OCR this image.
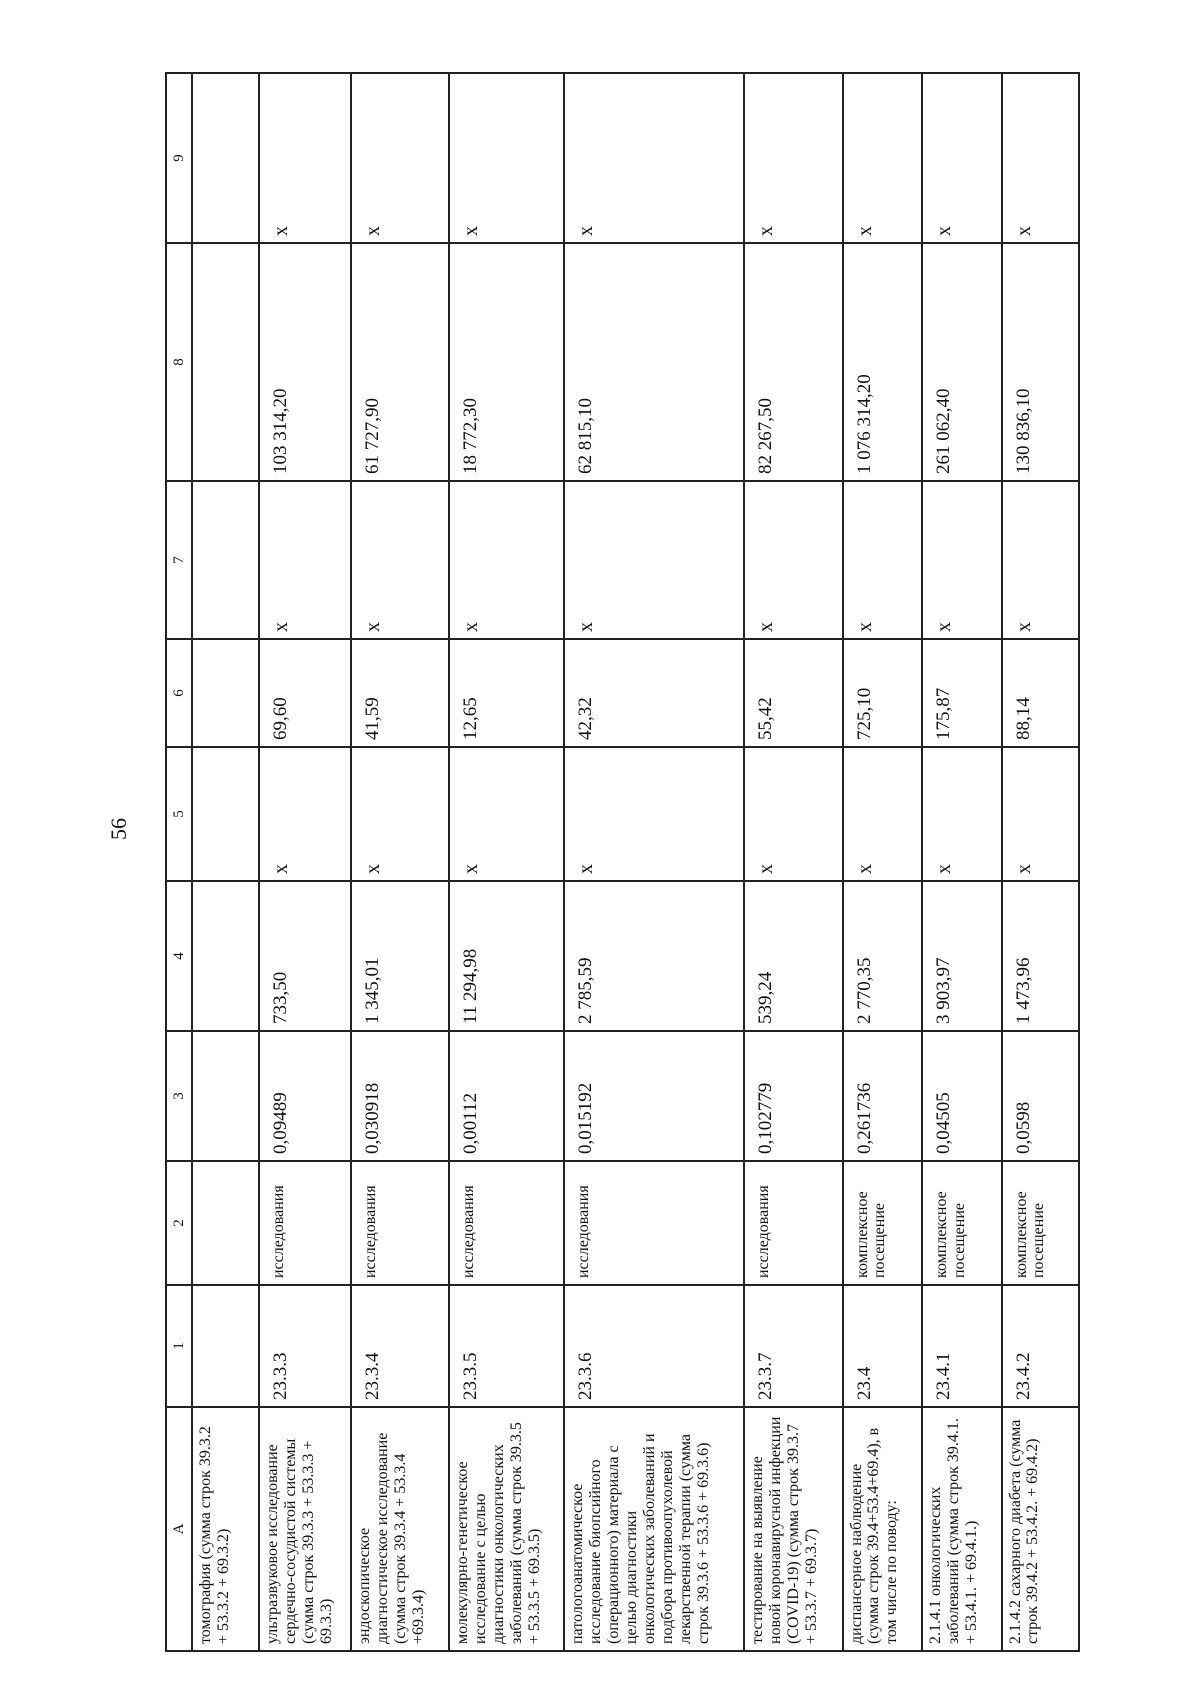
56
A	1	2	3	4	5	6	7	8	9
томография (сумма строк 39.3.2 + 53.3.2 + 69.3.2)									
ультразвуковое исследование сердечно-сосудистой системы (сумма строк 39.3.3 + 53.3.3 + 69.3.3)	23.3.3	исследования	0,09489	733,50	х	69,60	х	103 314,20	х
эндоскопическое диагностическое исследование (сумма строк 39.3.4 + 53.3.4 +69.3.4)	23.3.4	исследования	0,030918	1 345,01	х	41,59	х	61 727,90	х
молекулярно-генетическое исследование с целью диагностики онкологических заболеваний (сумма строк 39.3.5 + 53.3.5 + 69.3.5)	23.3.5	исследования	0,00112	11 294,98	х	12,65	х	18 772,30	х
патологоанатомическое исследование биопсийного (операционного) материала с целью диагностики онкологических заболеваний и подбора противоопухолевой лекарственной терапии (сумма строк 39.3.6 + 53.3.6 + 69.3.6)	23.3.6	исследования	0,015192	2 785,59	х	42,32	х	62 815,10	х
тестирование на выявление новой коронавирусной инфекции (COVID-19) (сумма строк 39.3.7 + 53.3.7 + 69.3.7)	23.3.7	исследования	0,102779	539,24	х	55,42	х	82 267,50	х
диспансерное наблюдение (сумма строк 39.4+53.4+69.4), в том числе по поводу:	23.4	комплексное посещение	0,261736	2 770,35	х	725,10	х	1 076 314,20	х
2.1.4.1 онкологических заболеваний (сумма строк 39.4.1. + 53.4.1. + 69.4.1.)	23.4.1	комплексное посещение	0,04505	3 903,97	х	175,87	х	261 062,40	х
2.1.4.2 сахарного диабета (сумма строк 39.4.2 + 53.4.2. + 69.4.2)	23.4.2	комплексное посещение	0,0598	1 473,96	х	88,14	х	130 836,10	х
